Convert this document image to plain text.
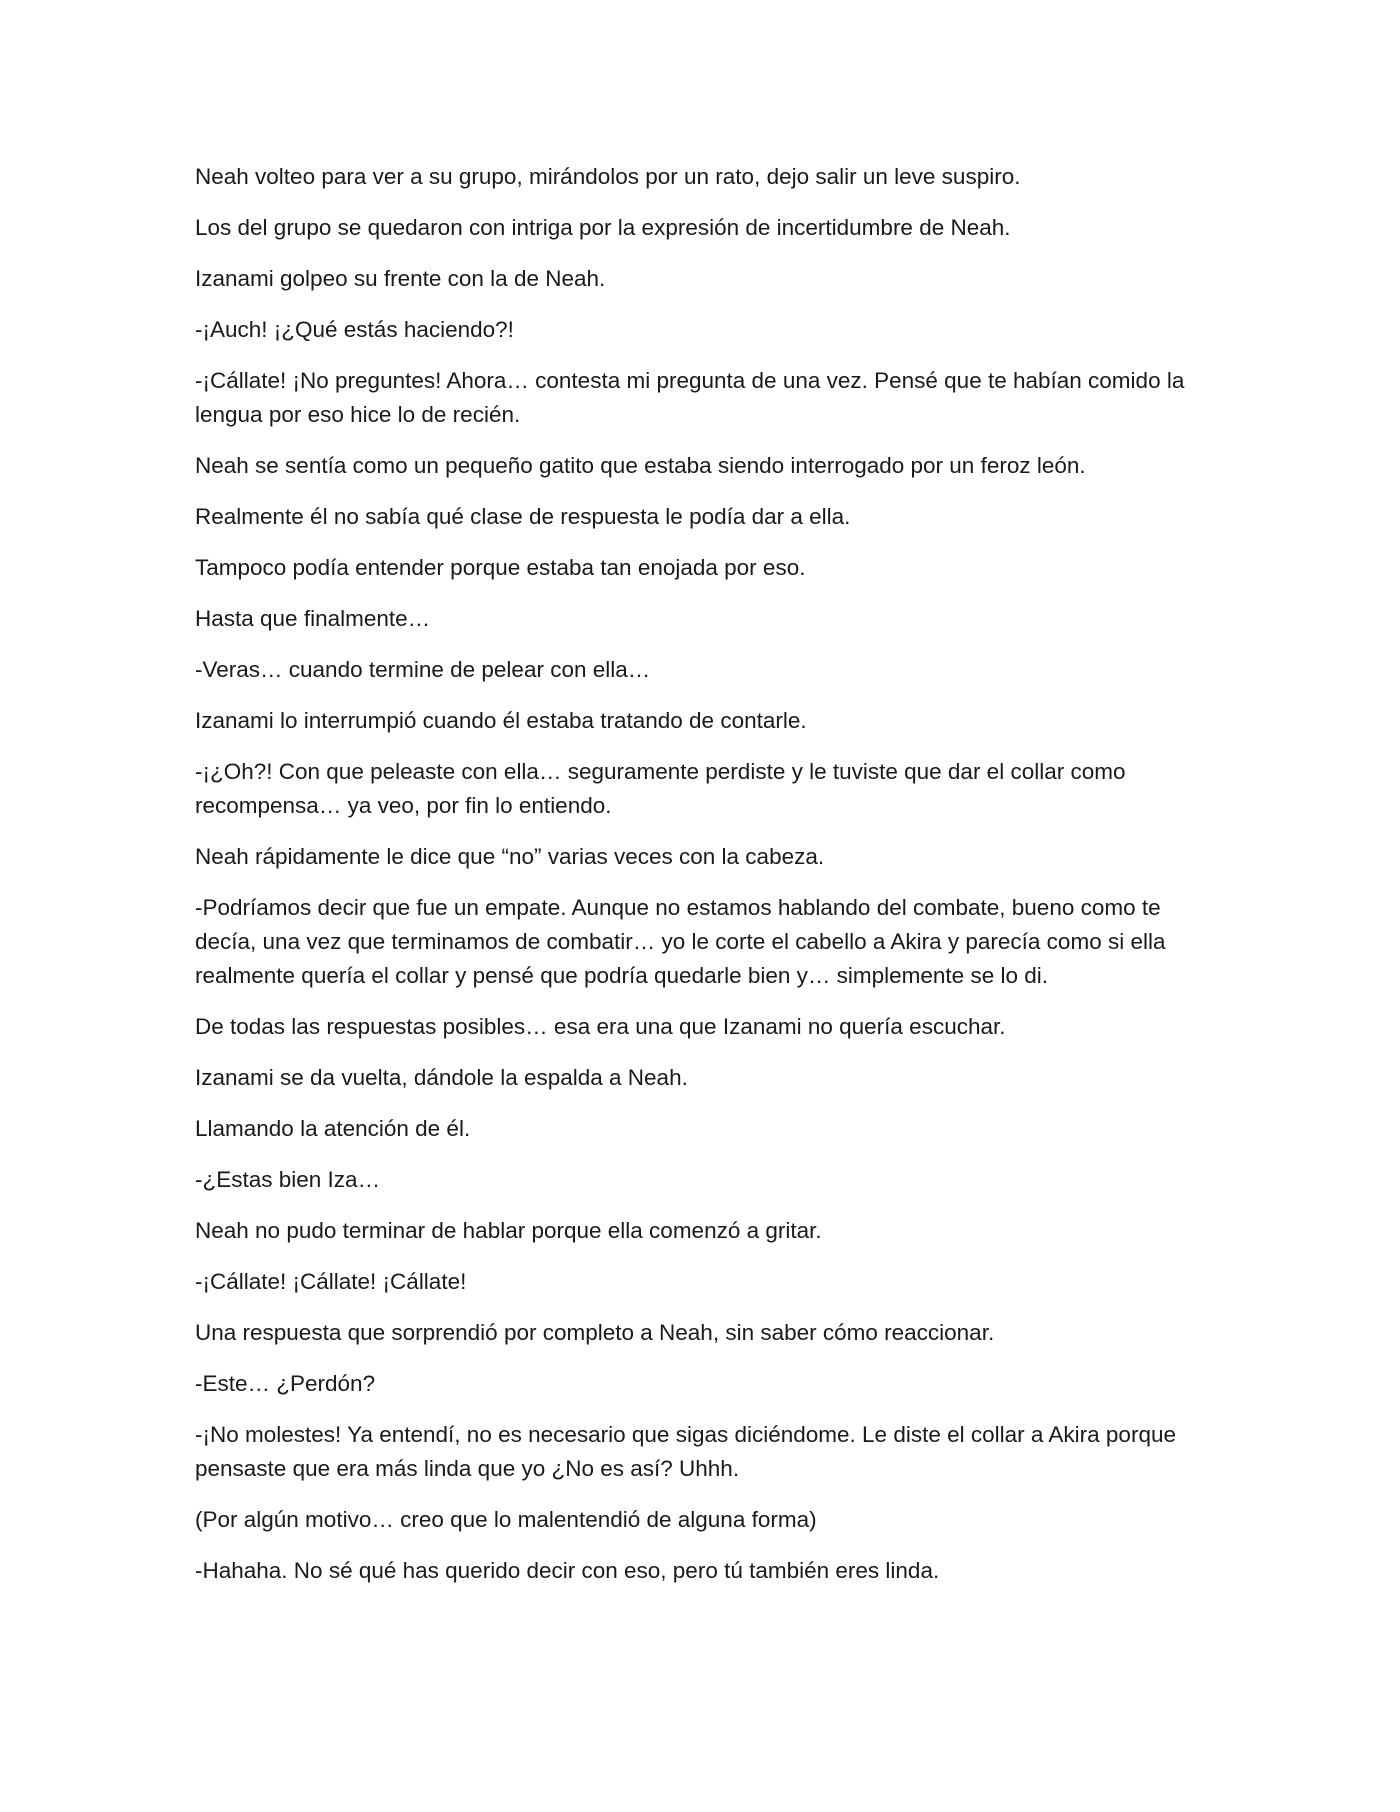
Neah volteo para ver a su grupo, mirándolos por un rato, dejo salir un leve suspiro.

Los del grupo se quedaron con intriga por la expresión de incertidumbre de Neah.

Izanami golpeo su frente con la de Neah.

-¡Auch! ¡¿Qué estás haciendo?!

-¡Cállate! ¡No preguntes! Ahora… contesta mi pregunta de una vez. Pensé que te habían comido la lengua por eso hice lo de recién.

Neah se sentía como un pequeño gatito que estaba siendo interrogado por un feroz león.

Realmente él no sabía qué clase de respuesta le podía dar a ella.

Tampoco podía entender porque estaba tan enojada por eso.

Hasta que finalmente…

-Veras… cuando termine de pelear con ella…

Izanami lo interrumpió cuando él estaba tratando de contarle.

-¡¿Oh?! Con que peleaste con ella… seguramente perdiste y le tuviste que dar el collar como recompensa… ya veo, por fin lo entiendo.

Neah rápidamente le dice que “no” varias veces con la cabeza.

-Podríamos decir que fue un empate. Aunque no estamos hablando del combate, bueno como te decía, una vez que terminamos de combatir… yo le corte el cabello a Akira y parecía como si ella realmente quería el collar y pensé que podría quedarle bien y… simplemente se lo di.

De todas las respuestas posibles… esa era una que Izanami no quería escuchar.

Izanami se da vuelta, dándole la espalda a Neah.

Llamando la atención de él.

-¿Estas bien Iza…

Neah no pudo terminar de hablar porque ella comenzó a gritar.

-¡Cállate! ¡Cállate! ¡Cállate!

Una respuesta que sorprendió por completo a Neah, sin saber cómo reaccionar.

-Este… ¿Perdón?

-¡No molestes! Ya entendí, no es necesario que sigas diciéndome. Le diste el collar a Akira porque pensaste que era más linda que yo ¿No es así? Uhhh.

(Por algún motivo… creo que lo malentendió de alguna forma)

-Hahaha. No sé qué has querido decir con eso, pero tú también eres linda.
